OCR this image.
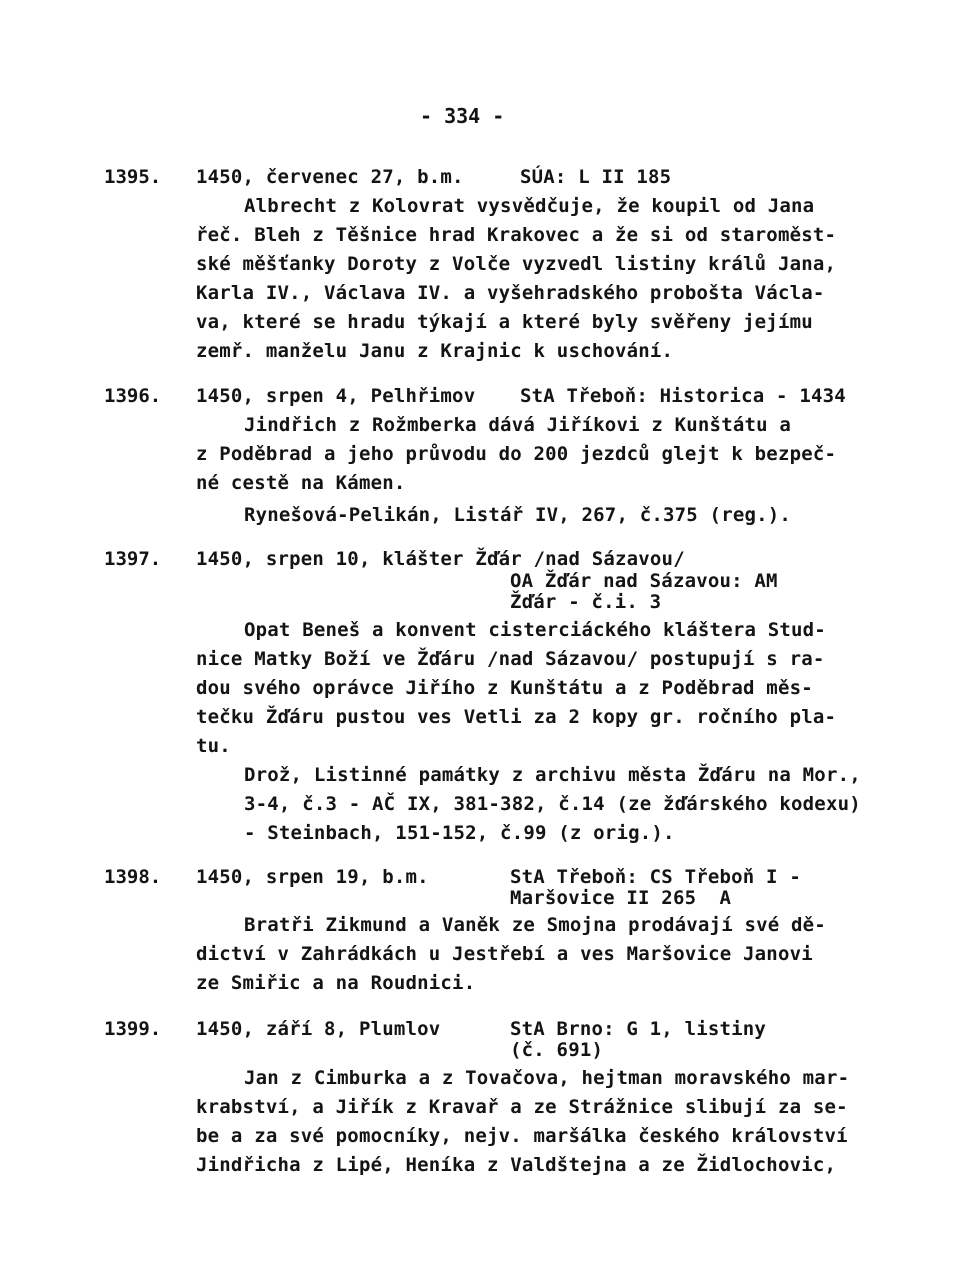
- 334 -
1395. 1450, červenec 27, b.m.	SÚA: L II 185
Albrecht z Kolovrat vysvědčuje, že koupil od Jana
řeč. Bleh z Těšnice hrad Krakovec a že si od staroměst-
ské měšťanky Doroty z Volče vyzvedl listiny králů Jana,
Karla IV., Václava IV. a vyšehradského probošta Václa-
va, které se hradu týkají a které byly svěřeny jejímu
zemř. manželu Janu z Krajnic k uschování.
1396. 1450, srpen 4, Pelhřimov StA Třeboň: Historica - 1434
Jindřich z Rožmberka dává Jiříkovi z Kunštátu a
z Poděbrad a jeho průvodu do 200 jezdců glejt k bezpeč-
né cestě na Kámen.
Rynešová-Pelikán, Listář IV, 267, č.375 (reg.).
1397. 1450, srpen 10, klášter Žďár /nad Sázavou/
OA Žďár nad Sázavou: AM
Žďár - č.i. 3
Opat Beneš a konvent cisterciáckého kláštera Stud-
nice Matky Boží ve Žďáru /nad Sázavou/ postupují s ra-
dou svého oprávce Jiřího z Kunštátu a z Poděbrad měs-
tečku Žďáru pustou ves Vetli za 2 kopy gr. ročního pla-
tu.
Drož, Listinné památky z archivu města Žďáru na Mor.,
3-4, č.3 - AČ IX, 381-382, č.14 (ze žďárského kodexu)
- Steinbach, 151-152, č.99 (z orig.).
1398. 1450, srpen 19, b.m.	StA Třeboň: CS Třeboň I -
Maršovice II 265  A
Bratři Zikmund a Vaněk ze Smojna prodávají své dě-
dictví v Zahrádkách u Jestřebí a ves Maršovice Janovi
ze Smiřic a na Roudnici.
1399. 1450, září 8, Plumlov	StA Brno: G 1, listiny
(č. 691)
Jan z Cimburka a z Tovačova, hejtman moravského mar-
krabství, a Jiřík z Kravař a ze Strážnice slibují za se-
be a za své pomocníky, nejv. maršálka českého království
Jindřicha z Lipé, Heníka z Valdštejna a ze Židlochovic,
